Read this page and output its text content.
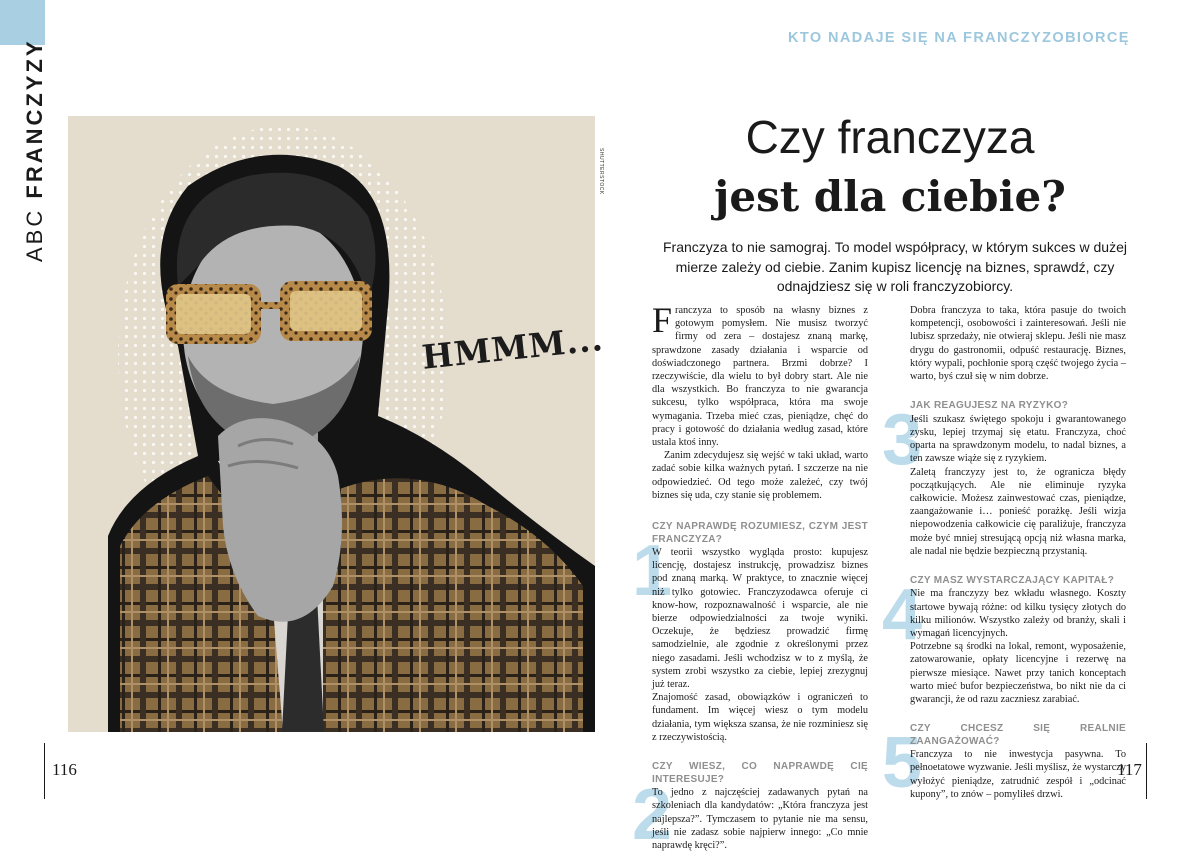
ABC FRANCZYZY	SHUTTERSTOCK
HMMM...
116
KTO NADAJE SIĘ NA FRANCZYZOBIORCĘ
Czy franczyza
jest dla ciebie?
Franczyza to nie samograj. To model współpracy, w którym sukces w dużej mierze zależy od ciebie. Zanim kupisz licencję na biznes, sprawdź, czy odnajdziesz się w roli franczyzobiorcy.

Franczyza to sposób na własny biznes z gotowym pomysłem. Nie musisz tworzyć firmy od zera – dostajesz znaną markę, sprawdzone zasady działania i wsparcie od doświadczonego partnera. Brzmi dobrze? I rzeczywiście, dla wielu to był dobry start. Ale nie dla wszystkich. Bo franczyza to nie gwarancja sukcesu, tylko współpraca, która ma swoje wymagania. Trzeba mieć czas, pieniądze, chęć do pracy i gotowość do działania według zasad, które ustala ktoś inny.

Zanim zdecydujesz się wejść w taki układ, warto zadać sobie kilka ważnych pytań. I szczerze na nie odpowiedzieć. Od tego może zależeć, czy twój biznes się uda, czy stanie się problemem.

1

CZY NAPRAWDĘ ROZUMIESZ, CZYM JEST FRANCZYZA?

W teorii wszystko wygląda prosto: kupujesz licencję, dostajesz instrukcję, prowadzisz biznes pod znaną marką. W praktyce, to znacznie więcej niż tylko gotowiec. Franczyzodawca oferuje ci know-how, rozpoznawalność i wsparcie, ale nie bierze odpowiedzialności za twoje wyniki. Oczekuje, że będziesz prowadzić firmę samodzielnie, ale zgodnie z określonymi przez niego zasadami. Jeśli wchodzisz w to z myślą, że system zrobi wszystko za ciebie, lepiej zrezygnuj już teraz.

Znajomość zasad, obowiązków i ograniczeń to fundament. Im więcej wiesz o tym modelu działania, tym większa szansa, że nie rozminiesz się z rzeczywistością.

2

CZY WIESZ, CO NAPRAWDĘ CIĘ INTERESUJE?

To jedno z najczęściej zadawanych pytań na szkoleniach dla kandydatów: „Która franczyza jest najlepsza?”. Tymczasem to pytanie nie ma sensu, jeśli nie zadasz sobie najpierw innego: „Co mnie naprawdę kręci?”.

Dobra franczyza to taka, która pasuje do twoich kompetencji, osobowości i zainteresowań. Jeśli nie lubisz sprzedaży, nie otwieraj sklepu. Jeśli nie masz drygu do gastronomii, odpuść restaurację. Biznes, który wypali, pochłonie sporą część twojego życia – warto, byś czuł się w nim dobrze.

3

JAK REAGUJESZ NA RYZYKO?

Jeśli szukasz świętego spokoju i gwarantowanego zysku, lepiej trzymaj się etatu. Franczyza, choć oparta na sprawdzonym modelu, to nadal biznes, a ten zawsze wiąże się z ryzykiem.

Zaletą franczyzy jest to, że ogranicza błędy początkujących. Ale nie eliminuje ryzyka całkowicie. Możesz zainwestować czas, pieniądze, zaangażowanie i… ponieść porażkę. Jeśli wizja niepowodzenia całkowicie cię paraliżuje, franczyza może być mniej stresującą opcją niż własna marka, ale nadal nie będzie bezpieczną przystanią.

4

CZY MASZ WYSTARCZAJĄCY KAPITAŁ?

Nie ma franczyzy bez wkładu własnego. Koszty startowe bywają różne: od kilku tysięcy złotych do kilku milionów. Wszystko zależy od branży, skali i wymagań licencyjnych.

Potrzebne są środki na lokal, remont, wyposażenie, zatowarowanie, opłaty licencyjne i rezerwę na pierwsze miesiące. Nawet przy tanich konceptach warto mieć bufor bezpieczeństwa, bo nikt nie da ci gwarancji, że od razu zaczniesz zarabiać.

5

CZY CHCESZ SIĘ REALNIE ZAANGAŻOWAĆ?

Franczyza to nie inwestycja pasywna. To pełnoetatowe wyzwanie. Jeśli myślisz, że wystarczy wyłożyć pieniądze, zatrudnić zespół i „odcinać kupony”, to znów – pomyliłeś drzwi.

117
